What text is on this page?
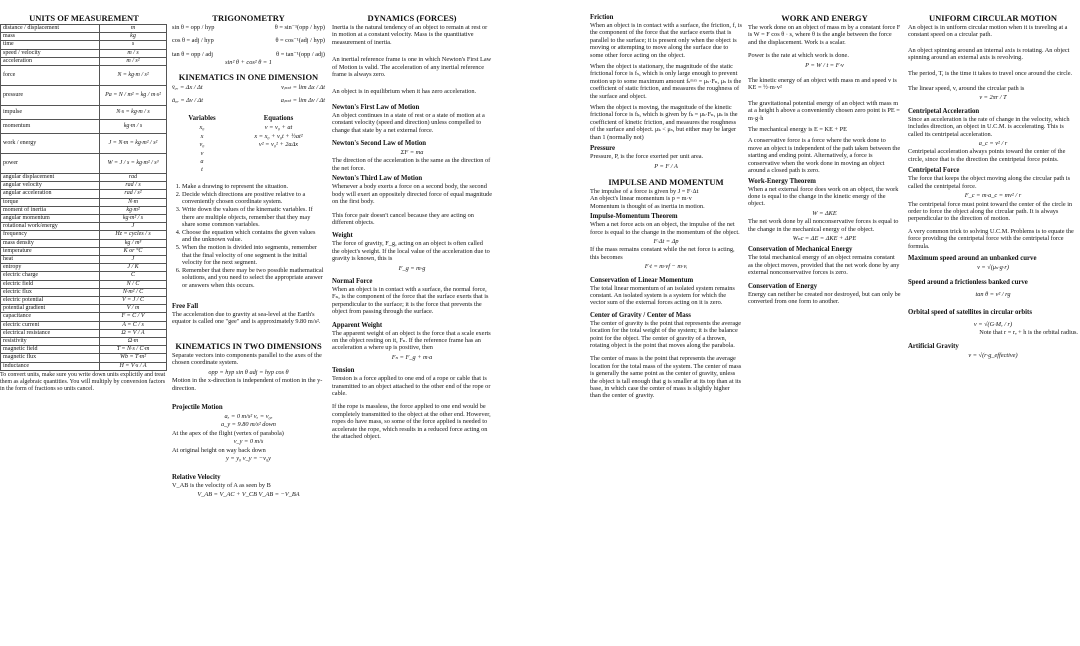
UNITS OF MEASUREMENT
distance / displacement	m
mass	kg
time	s
speed / velocity	m / s
acceleration	m / s²
force	N = kg·m / s²
pressure	Pa = N / m² = kg / m·s²
impulse	N·s = kg·m / s
momentum	kg·m / s
work / energy	J = N·m = kg·m² / s²
power	W = J / s = kg·m² / s³
angular displacement	rad
angular velocity	rad / s
angular acceleration	rad / s²
torque	N·m
moment of inertia	kg·m²
angular momentum	kg·m² / s
rotational work/energy	J
frequency	Hz = cycles / s
mass density	kg / m³
temperature	K or °C
heat	J
entropy	J / K
electric charge	C
electric field	N / C
electric flux	N·m² / C
electric potential	V = J / C
potential gradient	V / m
capacitance	F = C / V
electric current	A = C / s
electrical resistance	Ω = V / A
resistivity	Ω·m
magnetic field	T = N·s / C·m
magnetic flux	Wb = T·m²
inductance	H = V·s / A
To convert units, make sure you write down units explicitly and treat them as algebraic quantities. You will multiply by conversion factors in the form of fractions so units cancel.
TRIGONOMETRY
sin θ = opp / hyp	θ = sin⁻¹(opp / hyp)
cos θ = adj / hyp	θ = cos⁻¹(adj / hyp)
tan θ = opp / adj	θ = tan⁻¹(opp / adj)
sin² θ + cos² θ = 1
KINEMATICS IN ONE DIMENSION
v̄ₐᵥ = Δx / Δt	vᵢₙₛₜ = lim Δx / Δt
āₐᵥ = Δv / Δt	aᵢₙₛₜ = lim Δv / Δt
Variables
x₀
x
v₀
v
a
t
Equations
v = v₀ + at
x = x₀ + v₀t + ½at²
v² = v₀² + 2aΔx
1. Make a drawing to represent the situation.
2. Decide which directions are positive relative to a conveniently chosen coordinate system.
3. Write down the values of the kinematic variables. If there are multiple objects, remember that they may share some common variables.
4. Choose the equation which contains the given values and the unknown value.
5. When the motion is divided into segments, remember that the final velocity of one segment is the initial velocity for the next segment.
6. Remember that there may be two possible mathematical solutions, and you need to select the appropriate answer or answers when this occurs.
Free Fall
The acceleration due to gravity at sea-level at the Earth's equator is called one "gee" and is approximately 9.80 m/s².
KINEMATICS IN TWO DIMENSIONS
Separate vectors into components parallel to the axes of the chosen coordinate system.
opp = hyp sin θ adj = hyp cos θ
Motion in the x-direction is independent of motion in the y-direction.
Projectile Motion
aₓ = 0 m/s² vₓ = v₀ₓ
a_y = 9.80 m/s² down
At the apex of the flight (vertex of parabola)
v_y = 0 m/s
At original height on way back down
y = y₀ v_y = −v₀y
Relative Velocity
V_AB is the velocity of A as seen by B
V_AB = V_AC + V_CB V_AB = −V_BA
DYNAMICS (FORCES)
Inertia is the natural tendency of an object to remain at rest or in motion at a constant velocity. Mass is the quantitative measurement of inertia.
An inertial reference frame is one in which Newton's First Law of Motion is valid. The acceleration of any inertial reference frame is always zero.
An object is in equilibrium when it has zero acceleration.
Newton's First Law of Motion
An object continues in a state of rest or a state of motion at a constant velocity (speed and direction) unless compelled to change that state by a net external force.
Newton's Second Law of Motion
ΣF = ma
The direction of the acceleration is the same as the direction of the net force.
Newton's Third Law of Motion
Whenever a body exerts a force on a second body, the second body will exert an oppositely directed force of equal magnitude on the first body.
This force pair doesn't cancel because they are acting on different objects.
Weight
The force of gravity, F_g, acting on an object is often called the object's weight. If the local value of the acceleration due to gravity is known, this is
F_g = m·g
Normal Force
When an object is in contact with a surface, the normal force, Fₙ, is the component of the force that the surface exerts that is perpendicular to the surface; it is the force that prevents the object from passing through the surface.
Apparent Weight
The apparent weight of an object is the force that a scale exerts on the object resting on it, Fₙ. If the reference frame has an acceleration a where up is positive, then
Fₙ = F_g + m·a
Tension
Tension is a force applied to one end of a rope or cable that is transmitted to an object attached to the other end of the rope or cable.
If the rope is massless, the force applied to one end would be completely transmitted to the object at the other end. However, ropes do have mass, so some of the force applied is needed to accelerate the rope, which results in a reduced force acting on the attached object.
Friction
When an object is in contact with a surface, the friction, f, is the component of the force that the surface exerts that is parallel to the surface; it is present only when the object is moving or attempting to move along the surface due to some other force acting on the object.
When the object is stationary, the magnitude of the static frictional force is fₛ, which is only large enough to prevent motion up to some maximum amount fₛᵐᵃˣ = μₛ·Fₙ, μₛ is the coefficient of static friction, and measures the roughness of the surface and object.
When the object is moving, the magnitude of the kinetic frictional force is fₖ, which is given by fₖ = μₖ·Fₙ, μₖ is the coefficient of kinetic friction, and measures the roughness of the surface and object. μₖ < μₛ, but either may be larger than 1 (normally not)
Pressure
Pressure, P, is the force exerted per unit area.
P = F / A
IMPULSE AND MOMENTUM
The impulse of a force is given by J = F·Δt
An object's linear momentum is p = m·v
Momentum is thought of as inertia in motion.
Impulse-Momentum Theorem
When a net force acts on an object, the impulse of the net force is equal to the change in the momentum of the object.
F·Δt = Δp
If the mass remains constant while the net force is acting, this becomes
F·t = m·vf − m·vᵢ
Conservation of Linear Momentum
The total linear momentum of an isolated system remains constant. An isolated system is a system for which the vector sum of the external forces acting on it is zero.
Center of Gravity / Center of Mass
The center of gravity is the point that represents the average location for the total weight of the system; it is the balance point for the object. The center of gravity of a thrown, rotating object is the point that moves along the parabola.
The center of mass is the point that represents the average location for the total mass of the system. The center of mass is generally the same point as the center of gravity, unless the object is tall enough that g is smaller at its top than at its base, in which case the center of mass is slightly higher than the center of gravity.
WORK AND ENERGY
The work done on an object of mass m by a constant force F is W = F cos θ · s, where θ is the angle between the force and the displacement. Work is a scalar.
Power is the rate at which work is done.
P = W / t = F·v
The kinetic energy of an object with mass m and speed v is KE = ½·m·v²
The gravitational potential energy of an object with mass m at a height h above a conveniently chosen zero point is PE = m·g·h
The mechanical energy is E = KE + PE
A conservative force is a force where the work done to move an object is independent of the path taken between the starting and ending point. Alternatively, a force is conservative when the work done in moving an object around a closed path is zero.
Work-Energy Theorem
When a net external force does work on an object, the work done is equal to the change in the kinetic energy of the object.
W = ΔKE
The net work done by all nonconservative forces is equal to the change in the mechanical energy of the object.
Wₙc = ΔE = ΔKE + ΔPE
Conservation of Mechanical Energy
The total mechanical energy of an object remains constant as the object moves, provided that the net work done by any external nonconservative forces is zero.
Conservation of Energy
Energy can neither be created nor destroyed, but can only be converted from one form to another.
UNIFORM CIRCULAR MOTION
An object is in uniform circular motion when it is traveling at a constant speed on a circular path.
An object spinning around an internal axis is rotating. An object spinning around an external axis is revolving.
The period, T, is the time it takes to travel once around the circle.
The linear speed, v, around the circular path is
v = 2πr / T
Centripetal Acceleration
Since an acceleration is the rate of change in the velocity, which includes direction, an object in U.C.M. is accelerating. This is called its centripetal acceleration.
a_c = v² / r
Centripetal acceleration always points toward the center of the circle, since that is the direction the centripetal force points.
Centripetal Force
The force that keeps the object moving along the circular path is called the centripetal force.
F_c = m·a_c = mv² / r
The centripetal force must point toward the center of the circle in order to force the object along the circular path. It is always perpendicular to the direction of motion.
A very common trick to solving U.C.M. Problems is to equate the force providing the centripetal force with the centripetal force formula.
Maximum speed around an unbanked curve
v = √(μₛ·g·r)
Speed around a frictionless banked curve
tan θ = v² / rg
Orbital speed of satellites in circular orbits
v = √(G·Mₑ / r)
Note that r = rₑ + h is the orbital radius.
Artificial Gravity
v = √(r·g_effective)
